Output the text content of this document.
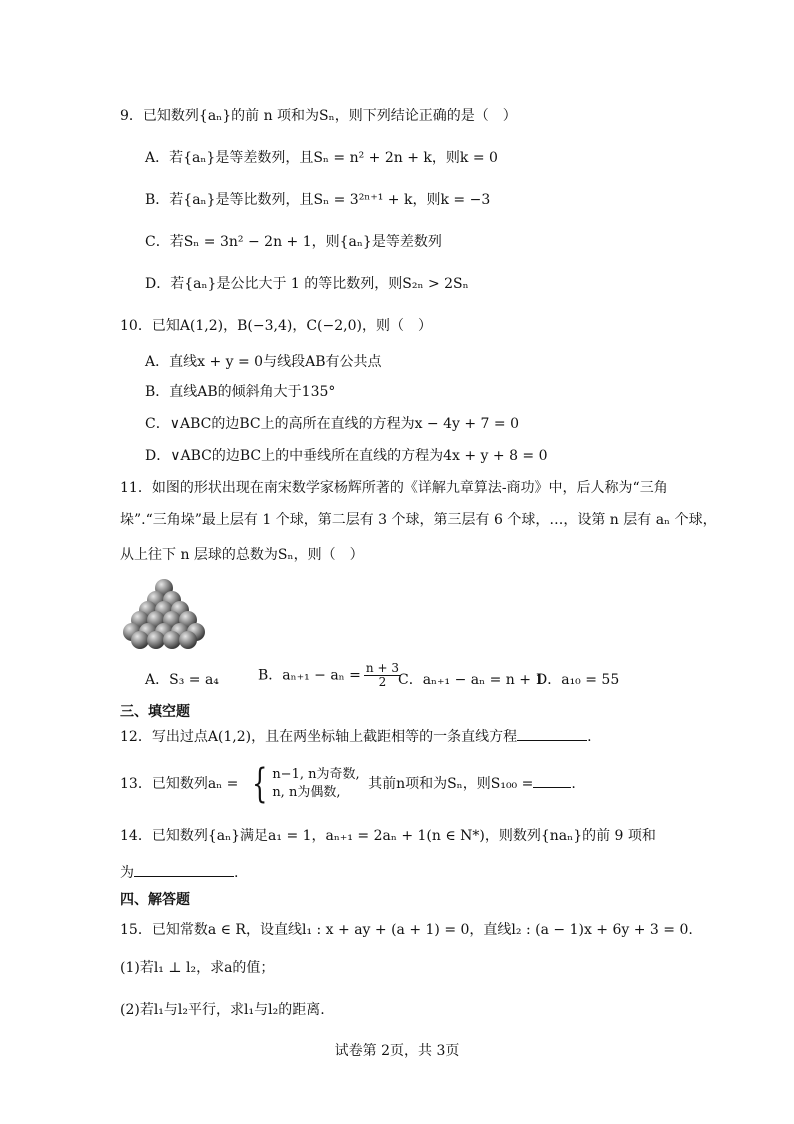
9．已知数列{aₙ}的前 n 项和为Sₙ，则下列结论正确的是（　）
A．若{aₙ}是等差数列，且Sₙ = n² + 2n + k，则k = 0
B．若{aₙ}是等比数列，且Sₙ = 3²ⁿ⁺¹ + k，则k = −3
C．若Sₙ = 3n² − 2n + 1，则{aₙ}是等差数列
D．若{aₙ}是公比大于 1 的等比数列，则S₂ₙ > 2Sₙ
10．已知A(1,2)，B(−3,4)，C(−2,0)，则（　）
A．直线x + y = 0与线段AB有公共点
B．直线AB的倾斜角大于135°
C．∨ABC的边BC上的高所在直线的方程为x − 4y + 7 = 0
D．∨ABC的边BC上的中垂线所在直线的方程为4x + y + 8 = 0
11．如图的形状出现在南宋数学家杨辉所著的《详解九章算法-商功》中，后人称为“三角
垛”.“三角垛”最上层有 1 个球，第二层有 3 个球，第三层有 6 个球，…，设第 n 层有 aₙ 个球，
从上往下 n 层球的总数为Sₙ，则（　）
A．S₃ = a₄	B．$a_{n+1} - a_n = \frac{n + 3}{2}$
C．aₙ₊₁ − aₙ = n + 1
D．a₁₀ = 55
三、填空题
12．写出过点A(1,2)，且在两坐标轴上截距相等的一条直线方程	.
13．已知数列aₙ = { n−1, n为奇数,
n, n为偶数,
其前n项和为Sₙ，则S₁₀₀ =	.
14．已知数列{aₙ}满足a₁ = 1，aₙ₊₁ = 2aₙ + 1(n ∈ N*)，则数列{naₙ}的前 9 项和
为	.
四、解答题
15．已知常数a ∈ R，设直线l₁ : x + ay + (a + 1) = 0，直线l₂ : (a − 1)x + 6y + 3 = 0.
(1)若l₁ ⊥ l₂，求a的值；
(2)若l₁与l₂平行，求l₁与l₂的距离.
试卷第 2页，共 3页
